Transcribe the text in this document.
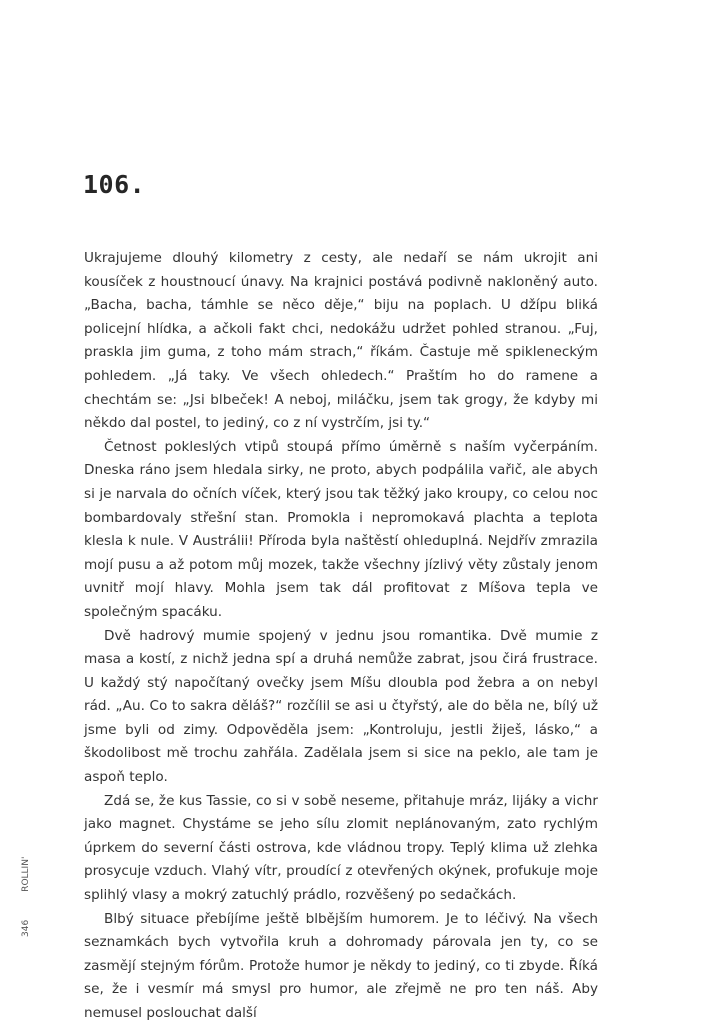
106.

Ukrajujeme dlouhý kilometry z cesty, ale nedaří se nám ukrojit ani kousíček z houstnoucí únavy. Na krajnici postává podivně nakloněný auto. „Bacha, bacha, támhle se něco děje,“ biju na poplach. U džípu bliká policejní hlídka, a ačkoli fakt chci, nedokážu udržet pohled stranou. „Fuj, praskla jim guma, z toho mám strach,“ říkám. Častuje mě spikleneckým pohledem. „Já taky. Ve všech ohledech.“ Praštím ho do ramene a chechtám se: „Jsi blbeček! A neboj, miláčku, jsem tak grogy, že kdyby mi někdo dal postel, to jediný, co z ní vystrčím, jsi ty.“

Četnost pokleslých vtipů stoupá přímo úměrně s naším vyčerpáním. Dneska ráno jsem hledala sirky, ne proto, abych podpálila vařič, ale abych si je narvala do očních víček, který jsou tak těžký jako kroupy, co celou noc bombardovaly střešní stan. Promokla i nepromokavá plachta a teplota klesla k nule. V Austrálii! Příroda byla naštěstí ohleduplná. Nejdřív zmrazila mojí pusu a až potom můj mozek, takže všechny jízlivý věty zůstaly jenom uvnitř mojí hlavy. Mohla jsem tak dál profitovat z Míšova tepla ve společným spacáku.

Dvě hadrový mumie spojený v jednu jsou romantika. Dvě mumie z masa a kostí, z nichž jedna spí a druhá nemůže zabrat, jsou čirá frustrace. U každý stý napočítaný ovečky jsem Míšu dloubla pod žebra a on nebyl rád. „Au. Co to sakra děláš?“ rozčílil se asi u čtyřstý, ale do běla ne, bílý už jsme byli od zimy. Odpověděla jsem: „Kontroluju, jestli žiješ, lásko,“ a škodolibost mě trochu zahřála. Zadělala jsem si sice na peklo, ale tam je aspoň teplo.

Zdá se, že kus Tassie, co si v sobě neseme, přitahuje mráz, lijáky a vichr jako magnet. Chystáme se jeho sílu zlomit neplánovaným, zato rychlým úprkem do severní části ostrova, kde vládnou tropy. Teplý klima už zlehka prosycuje vzduch. Vlahý vítr, proudící z otevřených okýnek, profukuje moje splihlý vlasy a mokrý zatuchlý prádlo, rozvěšený po sedačkách.

Blbý situace přebíjíme ještě blbějším humorem. Je to léčivý. Na všech seznamkách bych vytvořila kruh a dohromady párovala jen ty, co se zasmějí stejným fórům. Protože humor je někdy to jediný, co ti zbyde. Říká se, že i vesmír má smysl pro humor, ale zřejmě ne pro ten náš. Aby nemusel poslouchat další

346ROLLIN'
